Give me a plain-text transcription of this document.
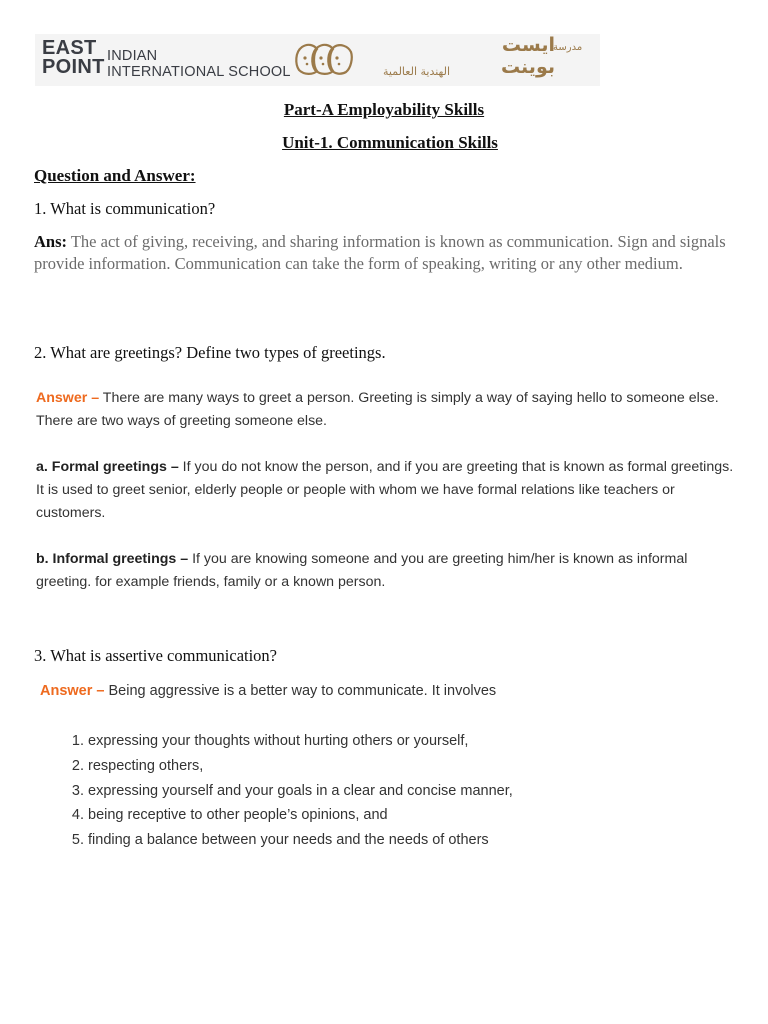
EAST
POINT INDIAN
INTERNATIONAL SCHOOL
مدرسة
ايست
بوينت
الهندية العالمية
Part-A Employability Skills
Unit-1. Communication Skills
Question and Answer:
1. What is communication?
Ans: The act of giving, receiving, and sharing information is known as communication. Sign and signals provide information. Communication can take the form of speaking, writing or any other medium.
2. What are greetings? Define two types of greetings.
Answer – There are many ways to greet a person. Greeting is simply a way of saying hello to someone else. There are two ways of greeting someone else.
a. Formal greetings – If you do not know the person, and if you are greeting that is known as formal greetings. It is used to greet senior, elderly people or people with whom we have formal relations like teachers or customers.
b. Informal greetings – If you are knowing someone and you are greeting him/her is known as informal greeting. for example friends, family or a known person.
3. What is assertive communication?
Answer – Being aggressive is a better way to communicate. It involves
1. expressing your thoughts without hurting others or yourself,
2. respecting others,
3. expressing yourself and your goals in a clear and concise manner,
4. being receptive to other people’s opinions, and
5. finding a balance between your needs and the needs of others
